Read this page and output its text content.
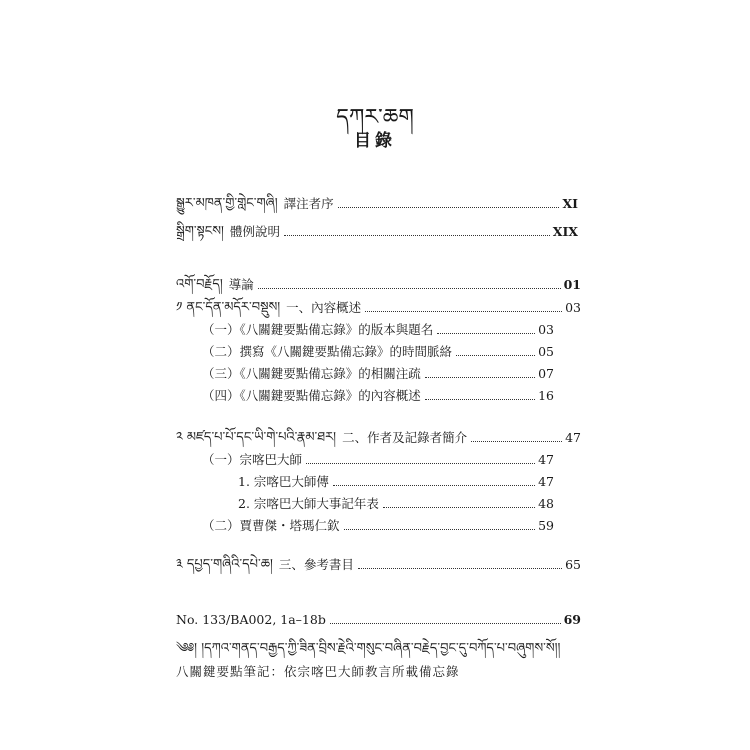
དཀར་ཆག
目錄
སྒྱུར་མཁན་གྱི་གླེང་གཞི། 譯注者序	XI
སྒྲིག་སྟངས། 體例說明	XIX
འགོ་བརྗོད། 導論	01
༡ ནང་དོན་མདོར་བསྡུས། 一、內容概述	03
（一）《八關鍵要點備忘錄》的版本與題名	03
（二）撰寫《八關鍵要點備忘錄》的時間脈絡	05
（三）《八關鍵要點備忘錄》的相關注疏	07
（四）《八關鍵要點備忘錄》的內容概述	16
༢ མཛད་པ་པོ་དང་ཡི་གེ་པའི་རྣམ་ཐར། 二、作者及記錄者簡介	47
（一）宗喀巴大師	47
1. 宗喀巴大師傳	47
2. 宗喀巴大師大事記年表	48
（二）賈曹傑・塔瑪仁欽	59
༣ དཔྱད་གཞིའི་དཔེ་ཆ། 三、參考書目	65
No. 133/BA002, 1a–18b	69
༄༅། །དཀའ་གནད་བརྒྱད་ཀྱི་ཟིན་བྲིས་རྗེའི་གསུང་བཞིན་བརྗེད་བྱང་དུ་བཀོད་པ་བཞུགས་སོ།།
八關鍵要點筆記：依宗喀巴大師教言所載備忘錄
